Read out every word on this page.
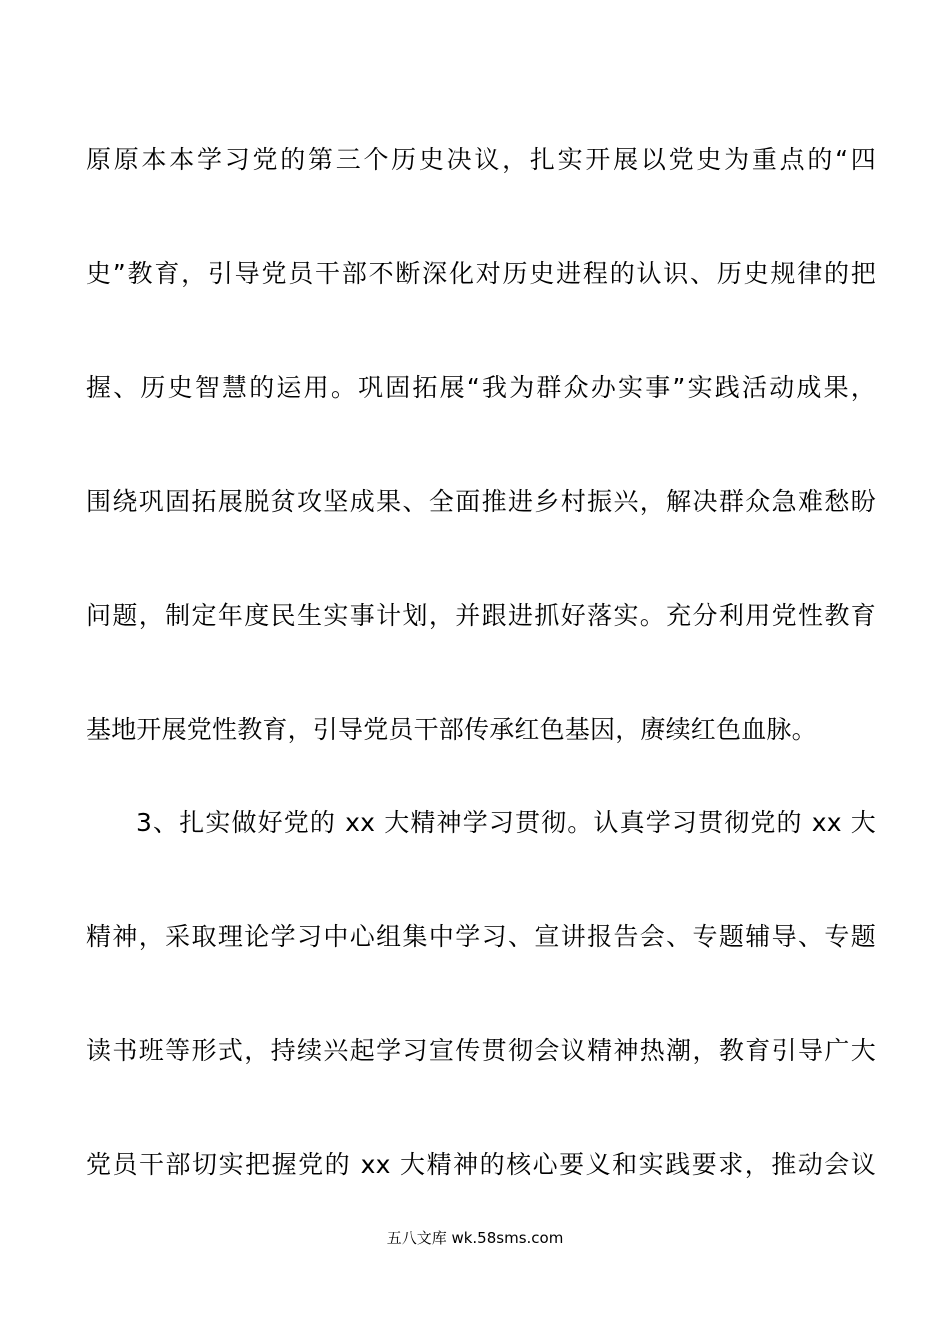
原原本本学习党的第三个历史决议，扎实开展以党史为重点的“四
史”教育，引导党员干部不断深化对历史进程的认识、历史规律的把
握、历史智慧的运用。巩固拓展“我为群众办实事”实践活动成果，
围绕巩固拓展脱贫攻坚成果、全面推进乡村振兴，解决群众急难愁盼
问题，制定年度民生实事计划，并跟进抓好落实。充分利用党性教育
基地开展党性教育，引导党员干部传承红色基因，赓续红色血脉。
3、扎实做好党的 xx 大精神学习贯彻。认真学习贯彻党的 xx 大
精神，采取理论学习中心组集中学习、宣讲报告会、专题辅导、专题
读书班等形式，持续兴起学习宣传贯彻会议精神热潮，教育引导广大
党员干部切实把握党的 xx 大精神的核心要义和实践要求，推动会议
五八文库 wk.58sms.com
